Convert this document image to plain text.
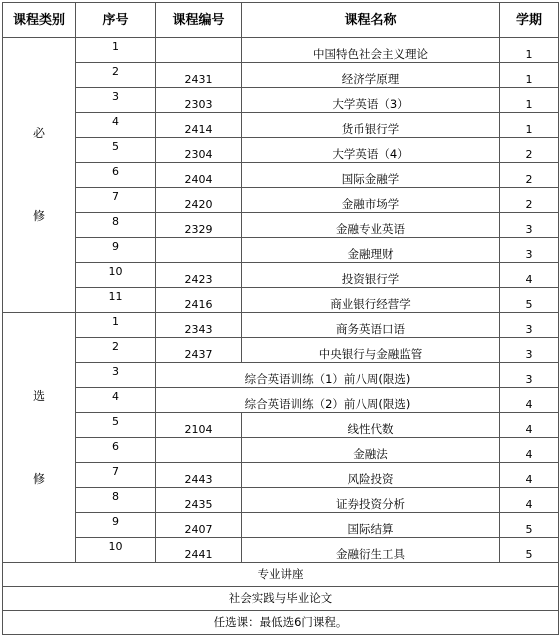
课程类别	序号	课程编号	课程名称	学期

必
修	1		中国特色社会主义理论	1
	2	2431	经济学原理	1
	3	2303	大学英语（3）	1
	4	2414	货币银行学	1
	5	2304	大学英语（4）	2
	6	2404	国际金融学	2
	7	2420	金融市场学	2
	8	2329	金融专业英语	3
	9		金融理财	3
	10	2423	投资银行学	4
	11	2416	商业银行经营学	5

选
修	1	2343	商务英语口语	3
	2	2437	中央银行与金融监管	3
	3	综合英语训练（1）前八周(限选)		3
	4	综合英语训练（2）前八周(限选)		4
	5	2104	线性代数	4
	6		金融法	4
	7	2443	风险投资	4
	8	2435	证券投资分析	4
	9	2407	国际结算	5
	10	2441	金融衍生工具	5
专业讲座				
社会实践与毕业论文				
任选课：最低选6门课程。				
